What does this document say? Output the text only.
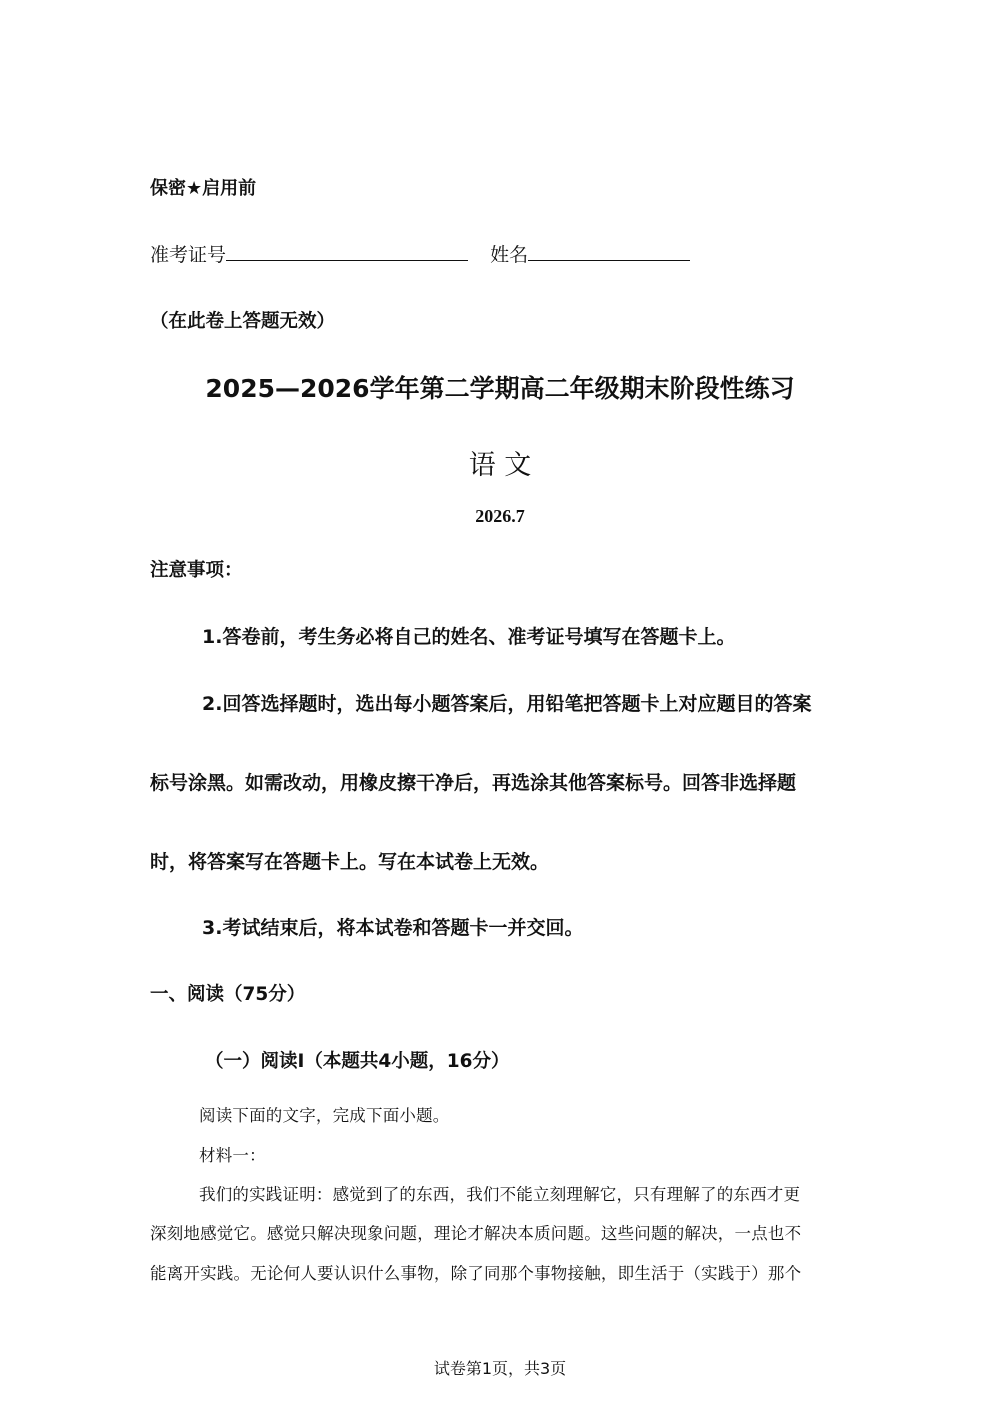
保密★启用前
准考证号	姓名
（在此卷上答题无效）
2025—2026学年第二学期高二年级期末阶段性练习
语 文
2026.7
注意事项：
1.答卷前，考生务必将自己的姓名、准考证号填写在答题卡上。
2.回答选择题时，选出每小题答案后，用铅笔把答题卡上对应题目的答案
标号涂黑。如需改动，用橡皮擦干净后，再选涂其他答案标号。回答非选择题
时，将答案写在答题卡上。写在本试卷上无效。
3.考试结束后，将本试卷和答题卡一并交回。
一、阅读（75分）
（一）阅读Ⅰ（本题共4小题，16分）
阅读下面的文字，完成下面小题。
材料一：
我们的实践证明：感觉到了的东西，我们不能立刻理解它，只有理解了的东西才更
深刻地感觉它。感觉只解决现象问题，理论才解决本质问题。这些问题的解决，一点也不
能离开实践。无论何人要认识什么事物，除了同那个事物接触，即生活于（实践于）那个
试卷第1页，共3页
